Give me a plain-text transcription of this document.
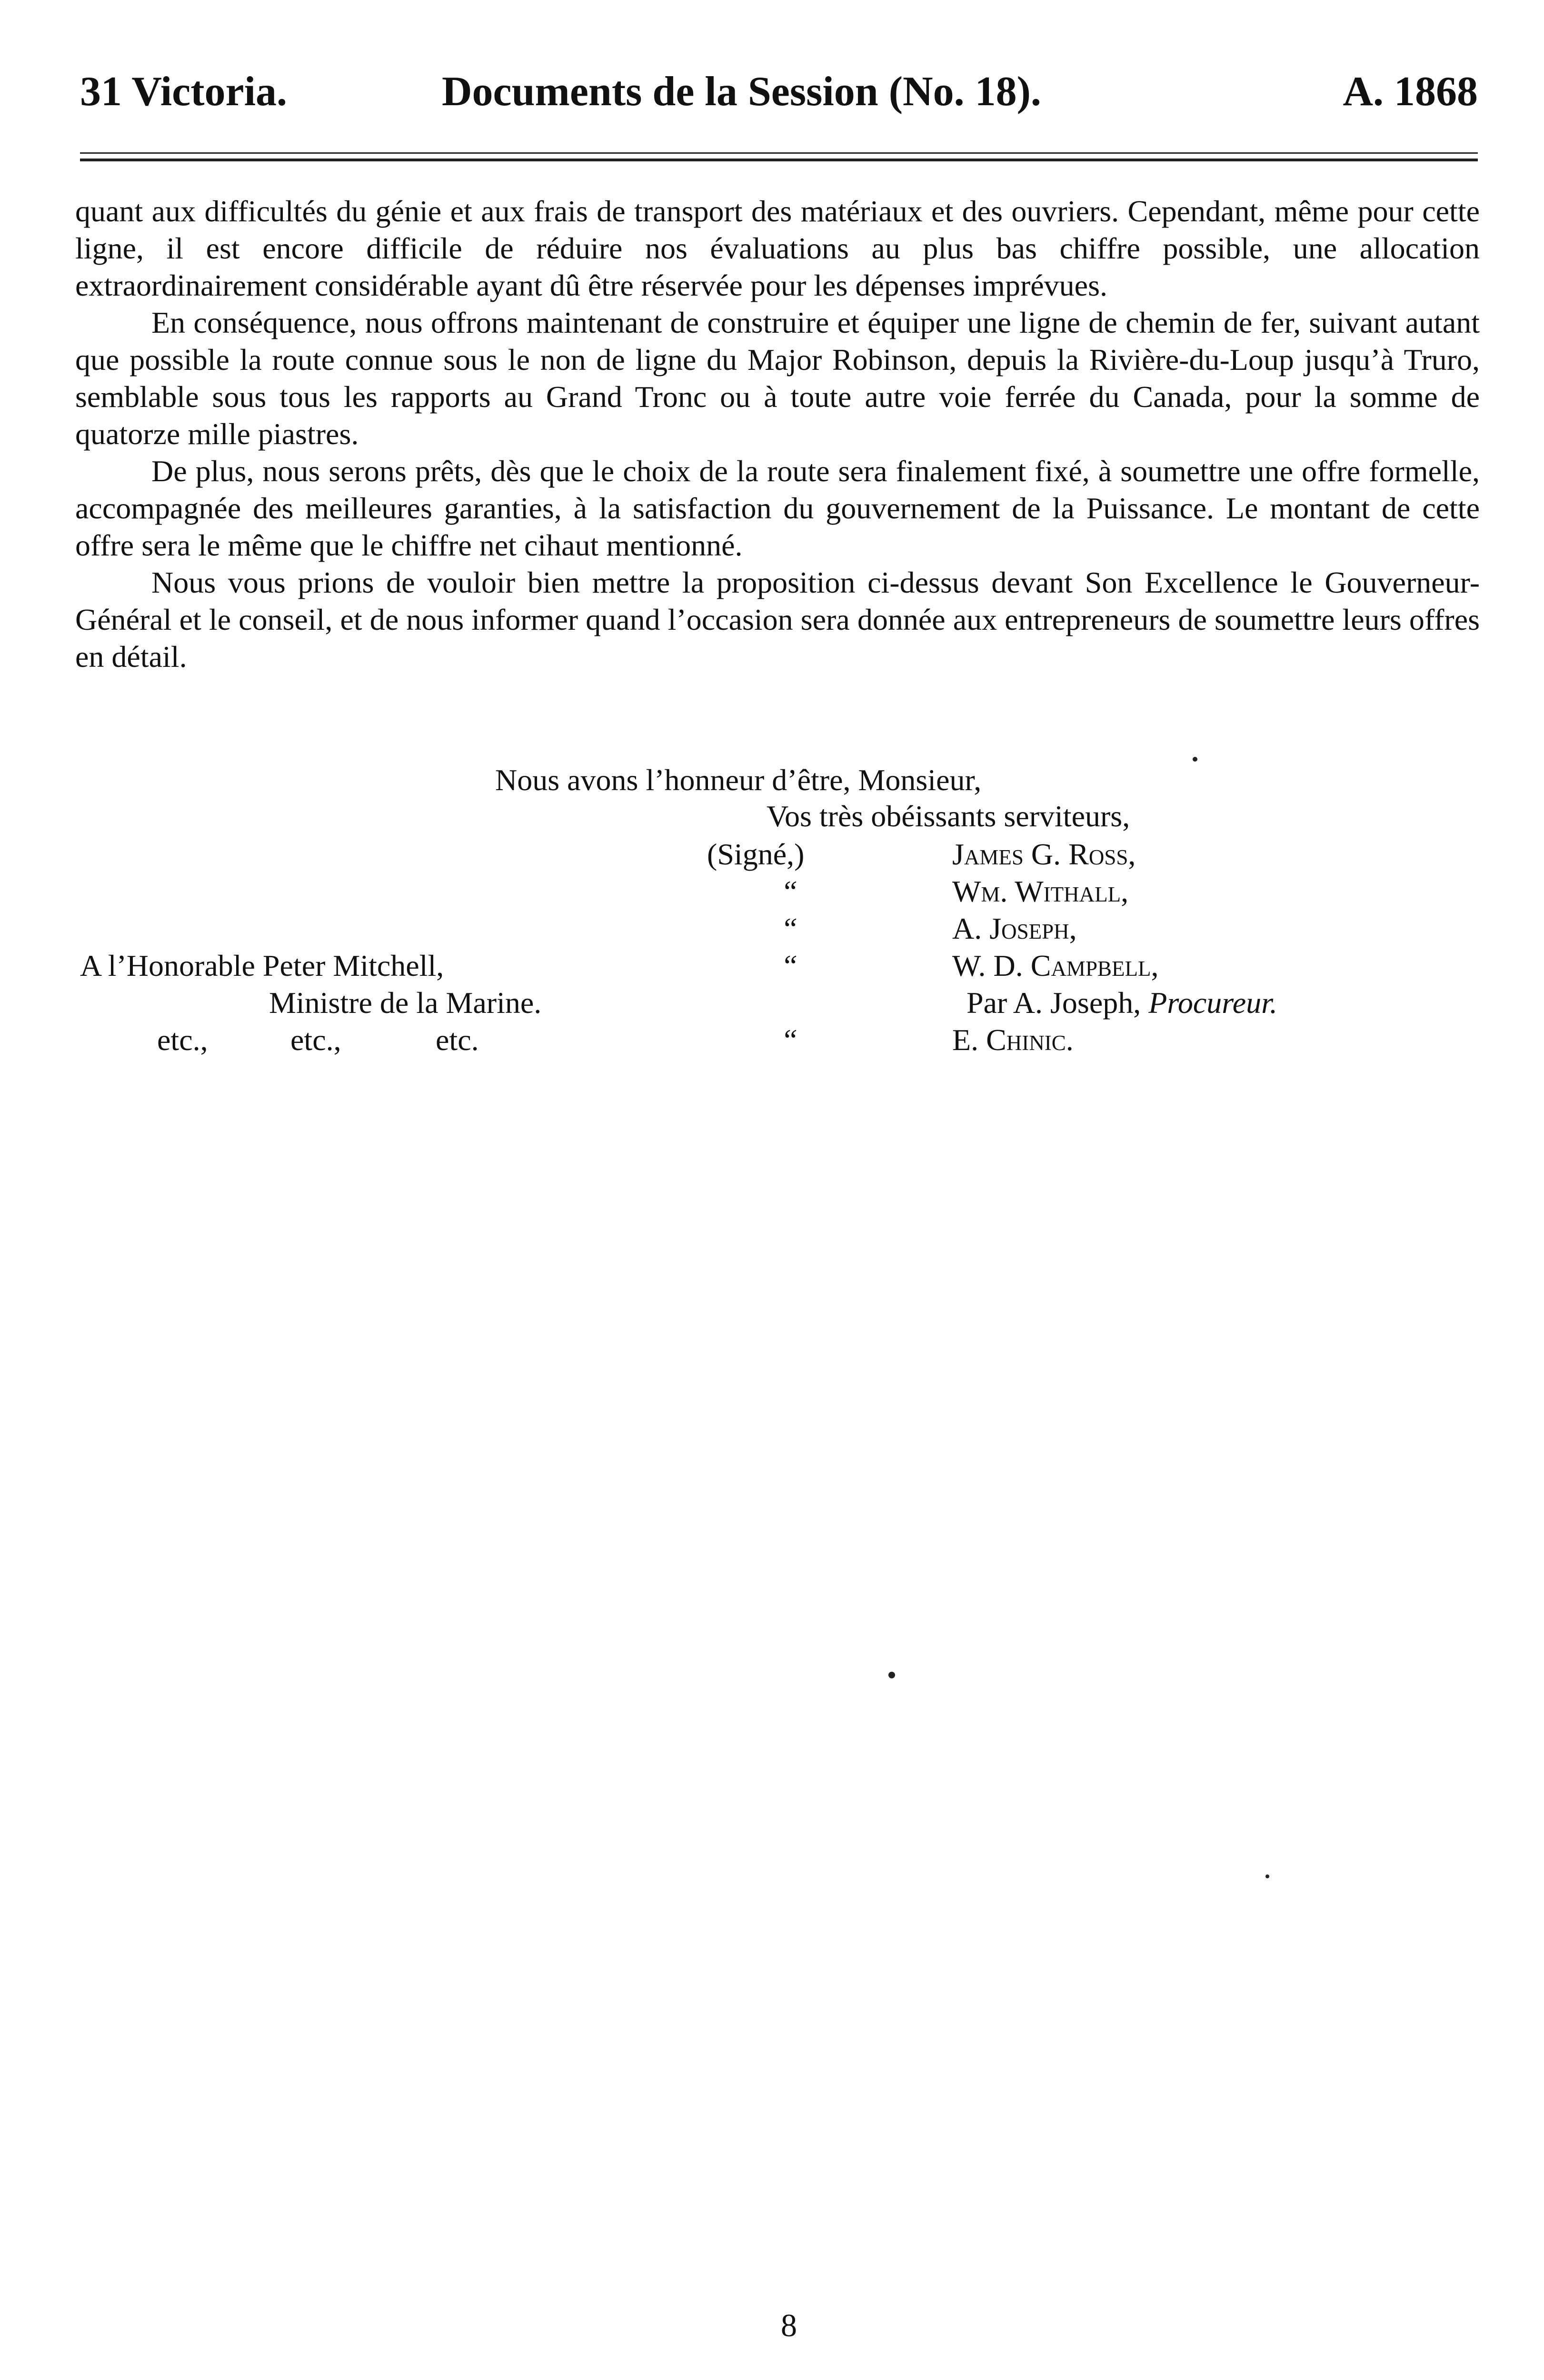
31 Victoria.	Documents de la Session (No. 18).	A. 1868

quant aux difficultés du génie et aux frais de transport des matériaux et des ouvriers. Cependant, même pour cette ligne, il est encore difficile de réduire nos évaluations au plus bas chiffre possible, une allocation extraordinairement considérable ayant dû être réservée pour les dépenses imprévues.

En conséquence, nous offrons maintenant de construire et équiper une ligne de chemin de fer, suivant autant que possible la route connue sous le non de ligne du Major Robinson, depuis la Rivière-du-Loup jusqu’à Truro, semblable sous tous les rapports au Grand Tronc ou à toute autre voie ferrée du Canada, pour la somme de quatorze mille piastres.

De plus, nous serons prêts, dès que le choix de la route sera finalement fixé, à soumettre une offre formelle, accompagnée des meilleures garanties, à la satisfaction du gouvernement de la Puissance. Le montant de cette offre sera le même que le chiffre net cihaut mentionné.

Nous vous prions de vouloir bien mettre la proposition ci-dessus devant Son Excellence le Gouverneur-Général et le conseil, et de nous informer quand l’occasion sera donnée aux entrepreneurs de soumettre leurs offres en détail.

Nous avons l’honneur d’être, Monsieur,
Vos très obéissants serviteurs,
(Signé,)	James G. Ross,
“	Wm. Withall,
“	A. Joseph,
A l’Honorable Peter Mitchell,	“	W. D. Campbell,
Ministre de la Marine.	Par A. Joseph, Procureur.
etc.,	etc.,	etc.	“	E. Chinic.
8
